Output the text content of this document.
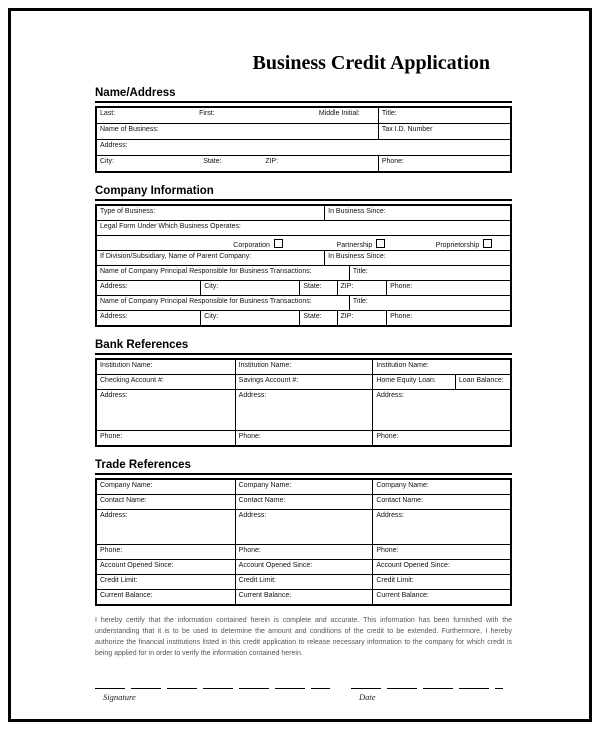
Business Credit Application
Name/Address
Last:	First:	Middle Initial:	Title:
Name of Business:	Tax I.D. Number
Address:
City:	State:	ZIP:	Phone:
Company Information
Type of Business:	In Business Since:
Legal Form Under Which Business Operates:
Corporation	Partnership	Proprietorship
If Division/Subsidiary, Name of Parent Company:	In Business Since:
Name of Company Principal Responsible for Business Transactions:	Title:
Address:	City:	State:	ZIP:	Phone:
Name of Company Principal Responsible for Business Transactions:	Title:
Address:	City:	State:	ZIP:	Phone:
Bank References
Institution Name:	Institution Name:	Institution Name:
Checking Account #:	Savings Account #:	Home Equity Loan:	Loan Balance:
Address:	Address:	Address:
Phone:	Phone:	Phone:
Trade References
Company Name:	Company Name:	Company Name:
Contact Name:	Contact Name:	Contact Name:
Address:	Address:	Address:
Phone:	Phone:	Phone:
Account Opened Since:	Account Opened Since:	Account Opened Since:
Credit Limit:	Credit Limit:	Credit Limit:
Current Balance:	Current Balance:	Current Balance:

I hereby certify that the information contained herein is complete and accurate. This information has been furnished with the understanding that it is to be used to determine the amount and conditions of the credit to be extended. Furthermore, I hereby authorize the financial institutions listed in this credit application to release necessary information to the company for which credit is being applied for in order to verify the information contained herein.

Signature	Date
